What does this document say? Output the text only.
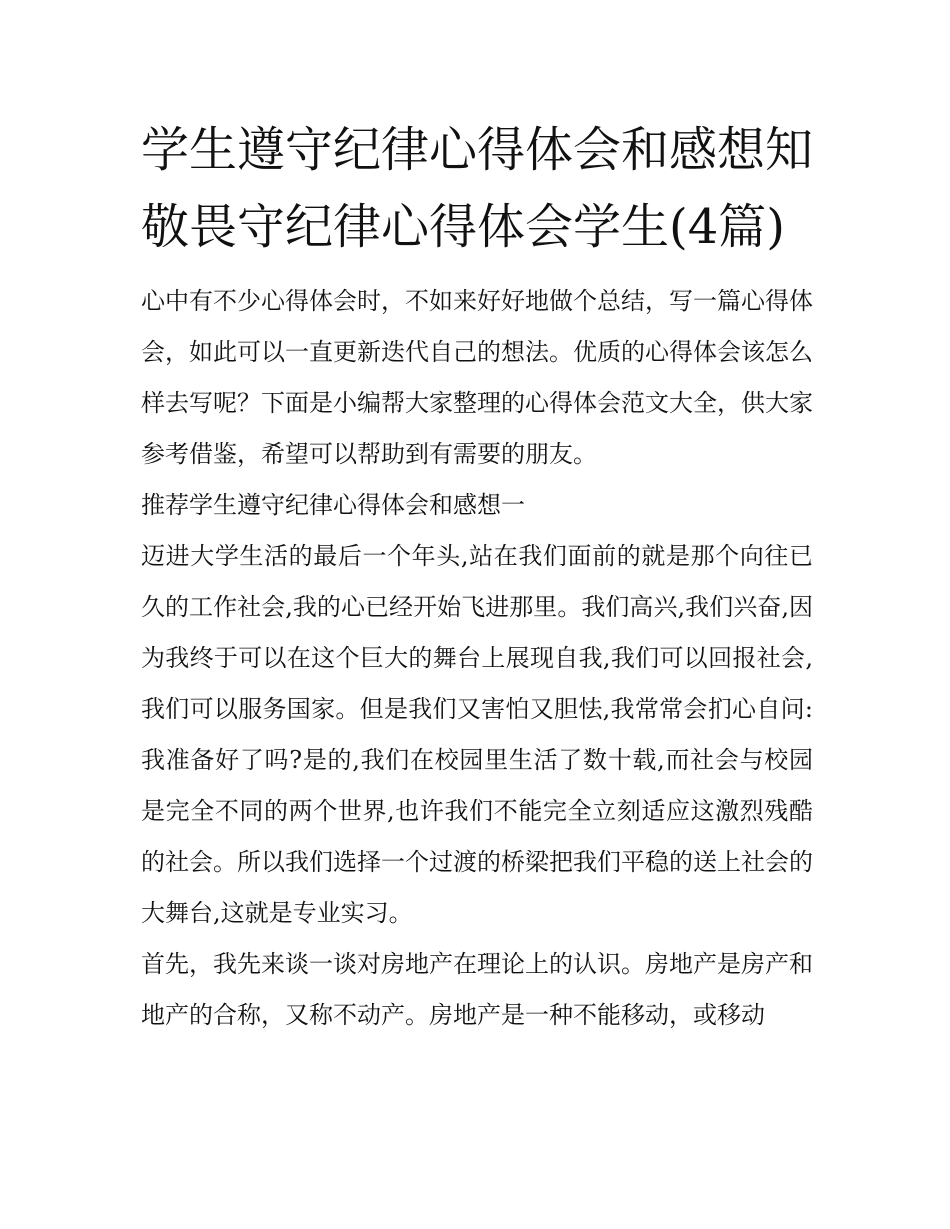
学生遵守纪律心得体会和感想知敬畏守纪律心得体会学生(4篇)

心中有不少心得体会时，不如来好好地做个总结，写一篇心得体会，如此可以一直更新迭代自己的想法。优质的心得体会该怎么样去写呢？下面是小编帮大家整理的心得体会范文大全，供大家参考借鉴，希望可以帮助到有需要的朋友。

推荐学生遵守纪律心得体会和感想一

迈进大学生活的最后一个年头,站在我们面前的就是那个向往已久的工作社会,我的心已经开始飞进那里。我们高兴,我们兴奋,因为我终于可以在这个巨大的舞台上展现自我,我们可以回报社会,我们可以服务国家。但是我们又害怕又胆怯,我常常会扪心自问:我准备好了吗?是的,我们在校园里生活了数十载,而社会与校园是完全不同的两个世界,也许我们不能完全立刻适应这激烈残酷的社会。所以我们选择一个过渡的桥梁把我们平稳的送上社会的大舞台,这就是专业实习。

首先，我先来谈一谈对房地产在理论上的认识。房地产是房产和地产的合称，又称不动产。房地产是一种不能移动，或移动
